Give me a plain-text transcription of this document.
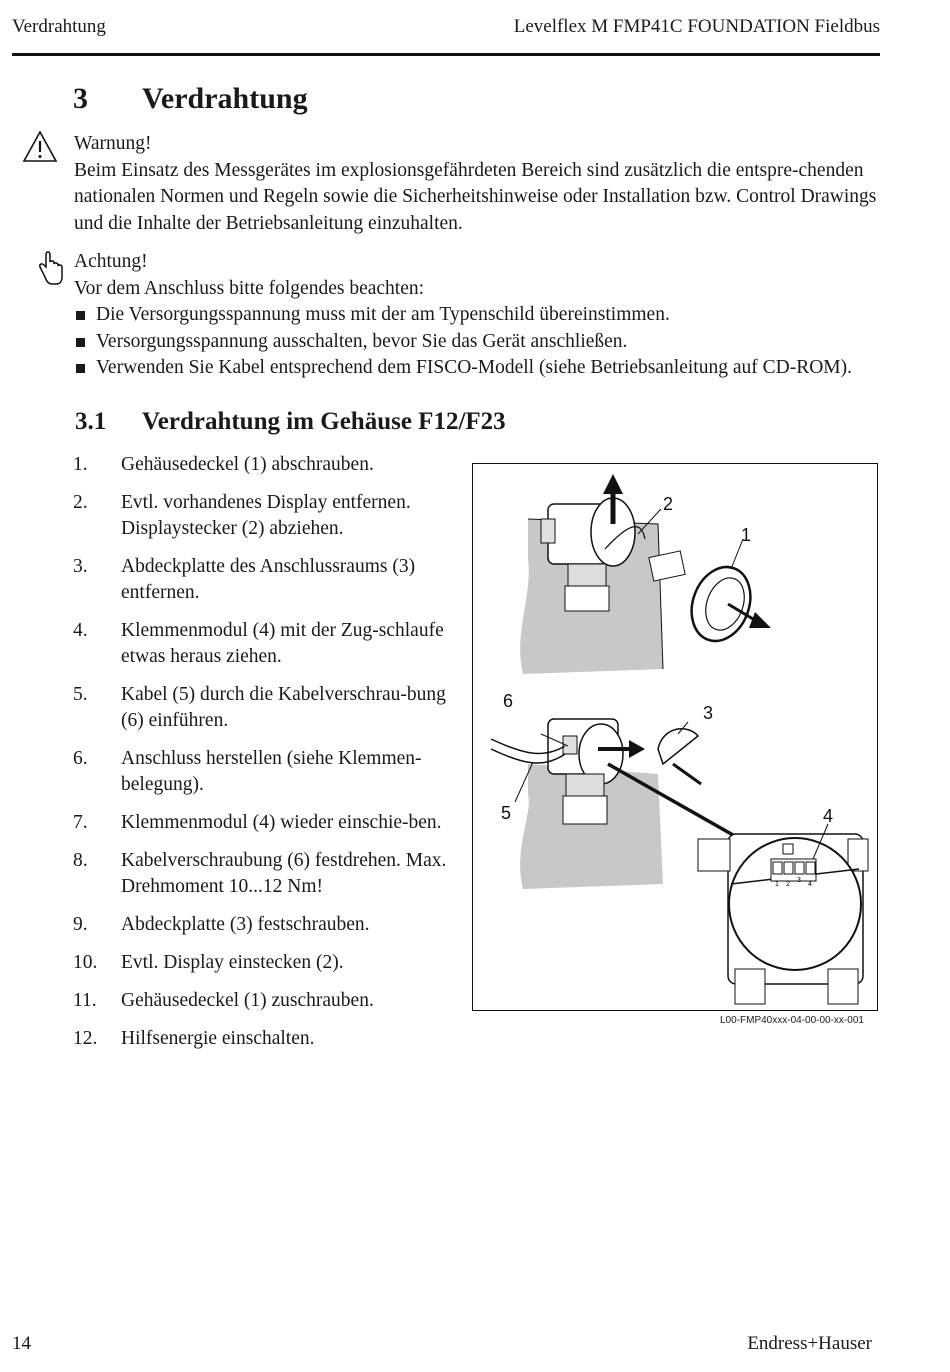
Verdrahtung	Levelflex M FMP41C FOUNDATION Fieldbus
3 Verdrahtung
Warnung!
Beim Einsatz des Messgerätes im explosionsgefährdeten Bereich sind zusätzlich die entspre-chenden nationalen Normen und Regeln sowie die Sicherheitshinweise oder Installation bzw. Control Drawings und die Inhalte der Betriebsanleitung einzuhalten.
Achtung!
Vor dem Anschluss bitte folgendes beachten:
Die Versorgungsspannung muss mit der am Typenschild übereinstimmen.
Versorgungsspannung ausschalten, bevor Sie das Gerät anschließen.
Verwenden Sie Kabel entsprechend dem FISCO-Modell (siehe Betriebsanleitung auf CD-ROM).
3.1 Verdrahtung im Gehäuse F12/F23
1.	Gehäusedeckel (1) abschrauben.
2.	Evtl. vorhandenes Display entfernen. Displaystecker (2) abziehen.
3.	Abdeckplatte des Anschlussraums (3) entfernen.
4.	Klemmenmodul (4) mit der Zug-schlaufe etwas heraus ziehen.
5.	Kabel (5) durch die Kabelverschrau-bung (6) einführen.
6.	Anschluss herstellen (siehe Klemmen-belegung).
7.	Klemmenmodul (4) wieder einschie-ben.
8.	Kabelverschraubung (6) festdrehen. Max. Drehmoment 10...12 Nm!
9.	Abdeckplatte (3) festschrauben.
10.	Evtl. Display einstecken (2).
11.	Gehäusedeckel (1) zuschrauben.
12.	Hilfsenergie einschalten.
2
1
6
5
3
1 2
3
4
4
L00-FMP40xxx-04-00-00-xx-001
14	Endress+Hauser
